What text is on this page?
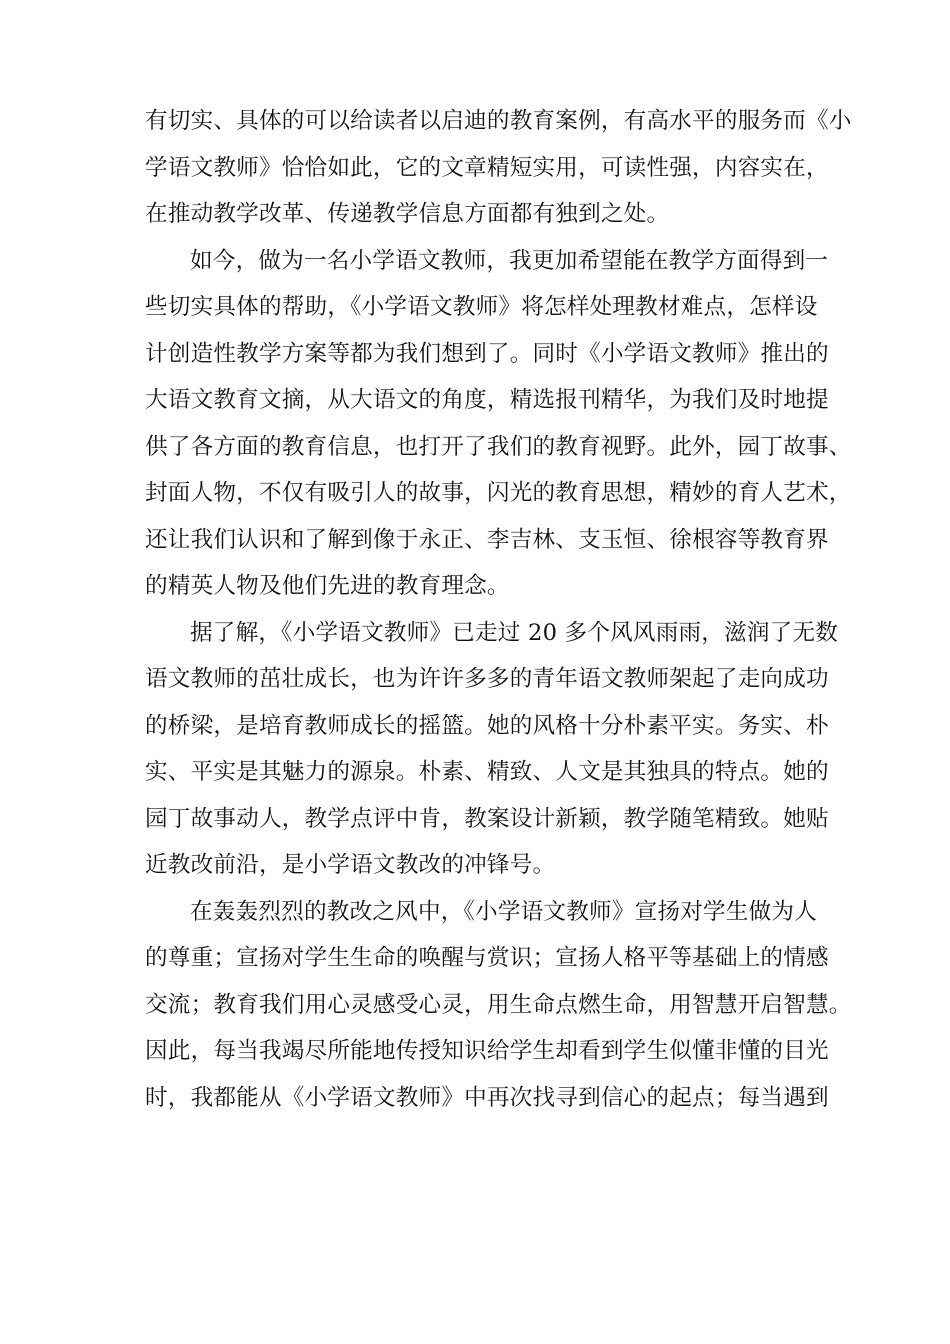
有切实、具体的可以给读者以启迪的教育案例，有高水平的服务而《小
学语文教师》恰恰如此，它的文章精短实用，可读性强，内容实在，
在推动教学改革、传递教学信息方面都有独到之处。

如今，做为一名小学语文教师，我更加希望能在教学方面得到一
些切实具体的帮助，《小学语文教师》将怎样处理教材难点，怎样设
计创造性教学方案等都为我们想到了。同时《小学语文教师》推出的
大语文教育文摘，从大语文的角度，精选报刊精华，为我们及时地提
供了各方面的教育信息，也打开了我们的教育视野。此外，园丁故事、
封面人物，不仅有吸引人的故事，闪光的教育思想，精妙的育人艺术，
还让我们认识和了解到像于永正、李吉林、支玉恒、徐根容等教育界
的精英人物及他们先进的教育理念。

据了解，《小学语文教师》已走过 20 多个风风雨雨，滋润了无数
语文教师的茁壮成长，也为许许多多的青年语文教师架起了走向成功
的桥梁，是培育教师成长的摇篮。她的风格十分朴素平实。务实、朴
实、平实是其魅力的源泉。朴素、精致、人文是其独具的特点。她的
园丁故事动人，教学点评中肯，教案设计新颖，教学随笔精致。她贴
近教改前沿，是小学语文教改的冲锋号。

在轰轰烈烈的教改之风中，《小学语文教师》宣扬对学生做为人
的尊重；宣扬对学生生命的唤醒与赏识；宣扬人格平等基础上的情感
交流；教育我们用心灵感受心灵，用生命点燃生命，用智慧开启智慧。
因此，每当我竭尽所能地传授知识给学生却看到学生似懂非懂的目光
时，我都能从《小学语文教师》中再次找寻到信心的起点；每当遇到
